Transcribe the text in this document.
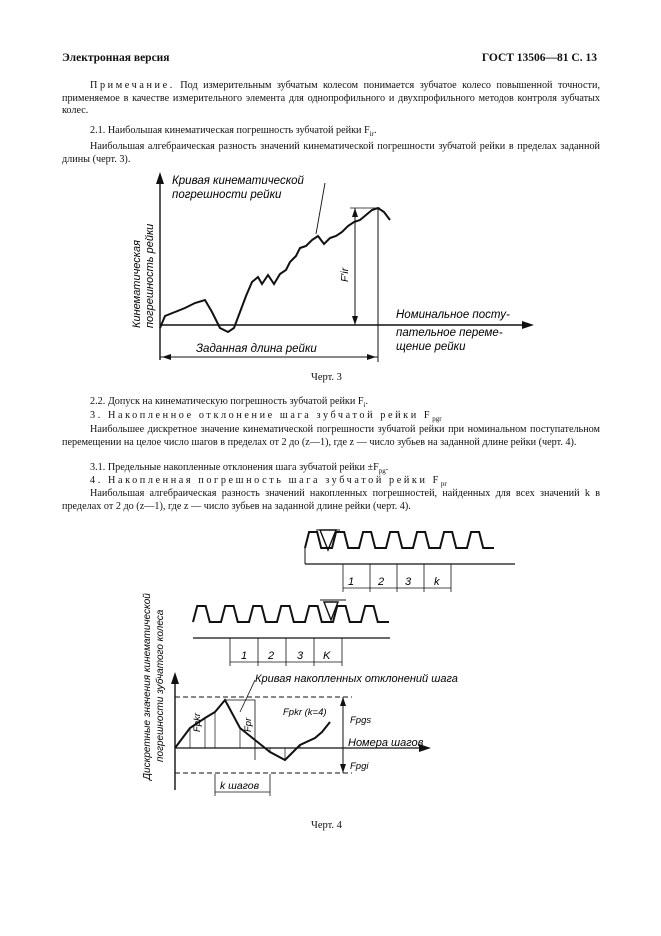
Электронная версия	ГОСТ 13506—81 С. 13
Примечание. Под измерительным зубчатым колесом понимается зубчатое колесо повышенной точности, применяемое в качестве измерительного элемента для однопрофильного и двухпрофильного методов контроля зубчатых колес.
2.1. Наибольшая кинематическая погрешность зубчатой рейки $F_{ir}$.
Наибольшая алгебраическая разность значений кинематической погрешности зубчатой рейки в пределах заданной длины (черт. 3).
Кривая кинематической
погрешности рейки
Кинематическая погрешность рейки	Номинальное посту-
пательное переме-
щение рейки
Заданная длина рейки
F′ir
Черт. 3
2.2. Допуск на кинематическую погрешность зубчатой рейки $F_i$.
3. Накопленное отклонение шага зубчатой рейки $F_{pgr}$
Наибольшее дискретное значение кинематической погрешности зубчатой рейки при номинальном поступательном перемещении на целое число шагов в пределах от 2 до (z—1), где z — число зубьев на заданной длине рейки (черт. 4).
3.1. Предельные накопленные отклонения шага зубчатой рейки $\pm F_{pg}$.
4. Накопленная погрешность шага зубчатой рейки $F_{pr}$
Наибольшая алгебраическая разность значений накопленных погрешностей, найденных для всех значений k в пределах от 2 до (z—1), где z — число зубьев на заданной длине рейки (черт. 4).
1 2 3 k
1 2 3 K
Кривая накопленных отклонений шага
Дискретные значения кинематической погрешности зубчатого колеса	Номера шагов
k шагов
Fpkr	Fpr
Fpkr (k=4)
Fpgs
Fpgi
Черт. 4
